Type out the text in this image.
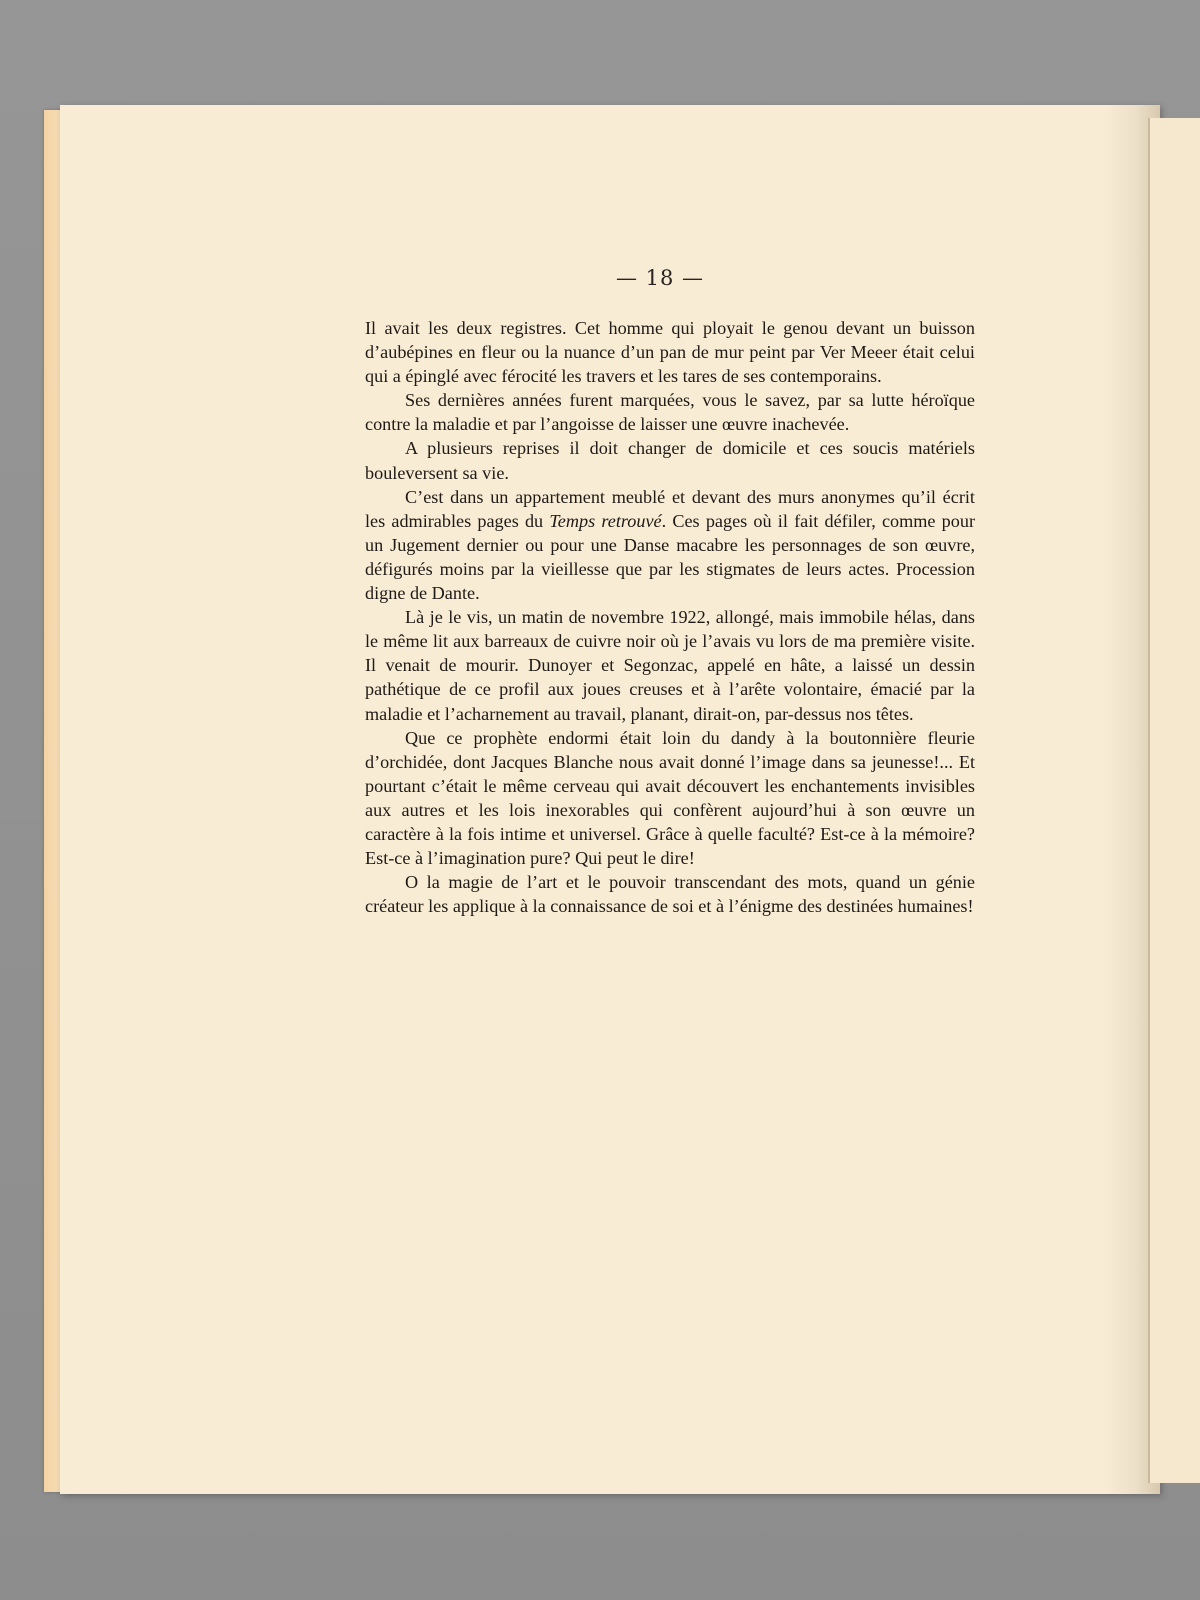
— 18 —

Il avait les deux registres. Cet homme qui ployait le genou devant un buisson d’aubépines en fleur ou la nuance d’un pan de mur peint par Ver Meeer était celui qui a épinglé avec férocité les travers et les tares de ses contemporains.

Ses dernières années furent marquées, vous le savez, par sa lutte héroïque contre la maladie et par l’angoisse de laisser une œuvre inachevée.

A plusieurs reprises il doit changer de domicile et ces soucis matériels bouleversent sa vie.

C’est dans un appartement meublé et devant des murs anonymes qu’il écrit les admirables pages du Temps retrouvé. Ces pages où il fait défiler, comme pour un Jugement dernier ou pour une Danse macabre les personnages de son œuvre, défigurés moins par la vieillesse que par les stigmates de leurs actes. Procession digne de Dante.

Là je le vis, un matin de novembre 1922, allongé, mais immobile hélas, dans le même lit aux barreaux de cuivre noir où je l’avais vu lors de ma première visite. Il venait de mourir. Dunoyer et Segonzac, appelé en hâte, a laissé un dessin pathétique de ce profil aux joues creuses et à l’arête volontaire, émacié par la maladie et l’acharnement au travail, planant, dirait-on, par-dessus nos têtes.

Que ce prophète endormi était loin du dandy à la boutonnière fleurie d’orchidée, dont Jacques Blanche nous avait donné l’image dans sa jeunesse!... Et pourtant c’était le même cerveau qui avait découvert les enchantements invisibles aux autres et les lois inexorables qui confèrent aujourd’hui à son œuvre un caractère à la fois intime et universel. Grâce à quelle faculté? Est-ce à la mémoire? Est-ce à l’imagination pure? Qui peut le dire!

O la magie de l’art et le pouvoir transcendant des mots, quand un génie créateur les applique à la connaissance de soi et à l’énigme des destinées humaines!
